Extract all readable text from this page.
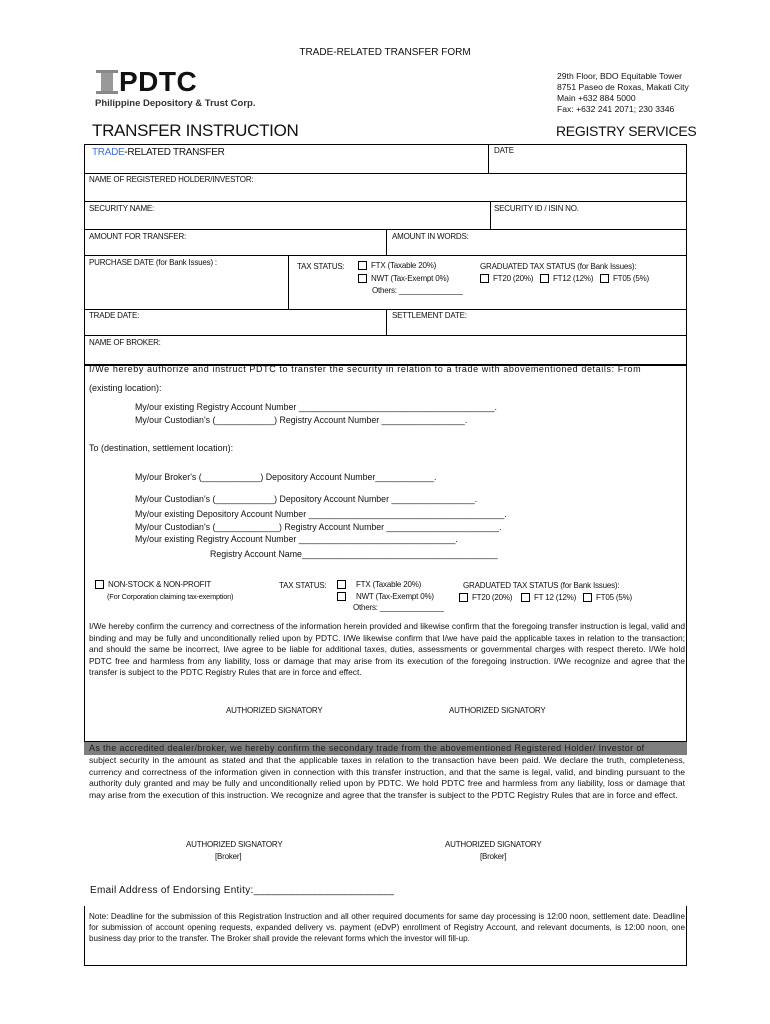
TRADE-RELATED TRANSFER FORM
PDTC
Philippine Depository & Trust Corp.
29th Floor, BDO Equitable Tower
8751 Paseo de Roxas, Makati City
Main +632 884 5000
Fax: +632 241 2071; 230 3346
TRANSFER INSTRUCTION	REGISTRY SERVICES
TRADE-RELATED TRANSFER	DATE
NAME OF REGISTERED HOLDER/INVESTOR:
SECURITY NAME:	SECURITY ID / ISIN NO.
AMOUNT FOR TRANSFER:	AMOUNT IN WORDS:
PURCHASE DATE (for Bank Issues) :	TAX STATUS:	FTX (Taxable 20%)
NWT (Tax-Exempt 0%)
Others: _______________
GRADUATED TAX STATUS (for Bank Issues):
FT20 (20%)	FT12 (12%)	FT05 (5%)
TRADE DATE:	SETTLEMENT DATE:
NAME OF BROKER:
I/We hereby authorize and instruct PDTC to transfer the security in relation to a trade with abovementioned details: From
(existing location):
My/our existing Registry Account Number ________________________________________.
My/our Custodian's (____________) Registry Account Number _________________.
To (destination, settlement location):
My/our Broker's (____________) Depository Account Number____________.
My/our Custodian's (____________) Depository Account Number _________________.
My/our existing Depository Account Number ________________________________________.
My/our Custodian's (_____________) Registry Account Number _______________________.
My/our existing Registry Account Number ________________________________.
Registry Account Name________________________________________
NON-STOCK & NON-PROFIT
(For Corporation claiming tax-exemption)
TAX STATUS:	FTX (Taxable 20%)
NWT (Tax-Exempt 0%)
Others: _______________
GRADUATED TAX STATUS (for Bank Issues):
FT20 (20%)	FT 12 (12%)	FT05 (5%)
I/We hereby confirm the currency and correctness of the information herein provided and likewise confirm that the foregoing transfer instruction is legal, valid and binding and may be fully and unconditionally relied upon by PDTC. I/We likewise confirm that I/we have paid the applicable taxes in relation to the transaction; and should the same be incorrect, I/we agree to be liable for additional taxes, duties, assessments or governmental charges with respect thereto. I/We hold PDTC free and harmless from any liability, loss or damage that may arise from its execution of the foregoing instruction. I/We recognize and agree that the transfer is subject to the PDTC Registry Rules that are in force and effect.
AUTHORIZED SIGNATORY	AUTHORIZED SIGNATORY
As the accredited dealer/broker, we hereby confirm the secondary trade from the abovementioned Registered Holder/ Investor of
subject security in the amount as stated and that the applicable taxes in relation to the transaction have been paid. We declare the truth, completeness, currency and correctness of the information given in connection with this transfer instruction, and that the same is legal, valid, and binding pursuant to the authority duly granted and may be fully and unconditionally relied upon by PDTC. We hold PDTC free and harmless from any liability, loss or damage that may arise from the execution of this instruction. We recognize and agree that the transfer is subject to the PDTC Registry Rules that are in force and effect.
AUTHORIZED SIGNATORY
[Broker]
AUTHORIZED SIGNATORY
[Broker]
Email Address of Endorsing Entity:________________________
Note: Deadline for the submission of this Registration Instruction and all other required documents for same day processing is 12:00 noon, settlement date. Deadline for submission of account opening requests, expanded delivery vs. payment (eDvP) enrollment of Registry Account, and relevant documents, is 12:00 noon, one business day prior to the transfer. The Broker shall provide the relevant forms which the investor will fill-up.
